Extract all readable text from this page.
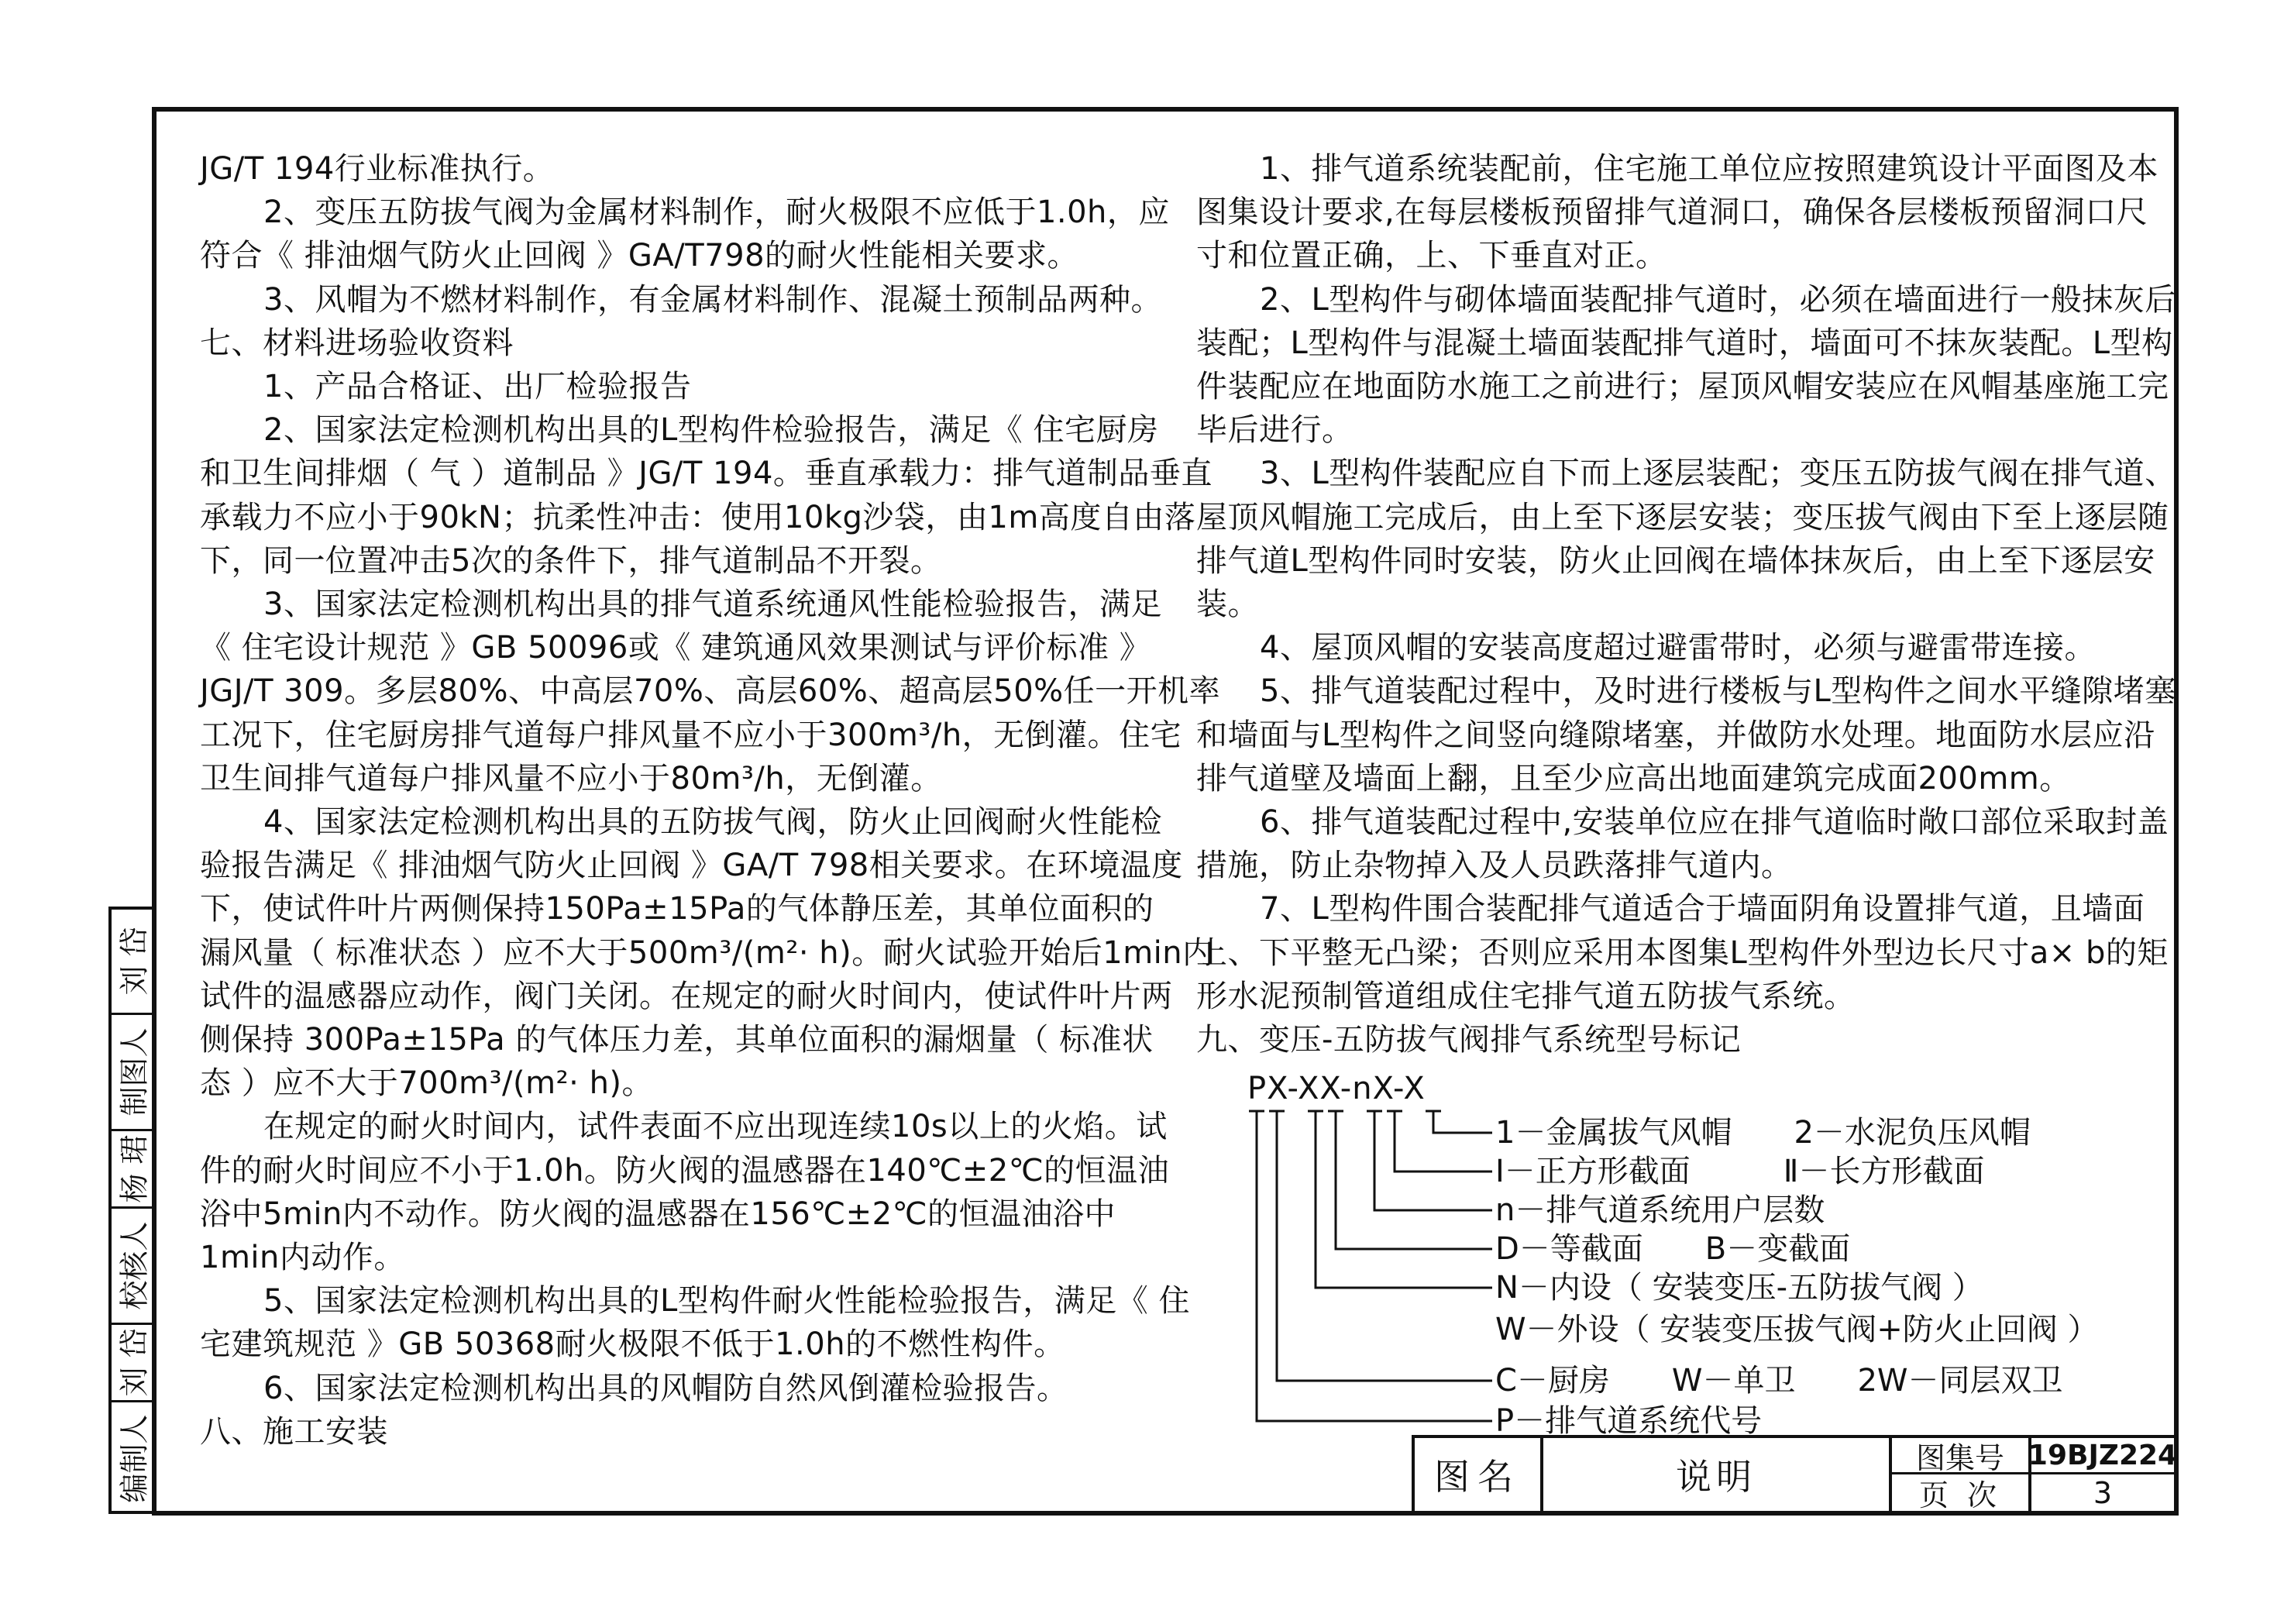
JG/T 194行业标准执行。

2、变压五防拔气阀为金属材料制作，耐火极限不应低于1.0h，应

符合《 排油烟气防火止回阀 》GA/T798的耐火性能相关要求。

3、风帽为不燃材料制作，有金属材料制作、混凝土预制品两种。

七、材料进场验收资料

1、产品合格证、出厂检验报告

2、国家法定检测机构出具的L型构件检验报告，满足《 住宅厨房

和卫生间排烟（ 气 ）道制品 》JG/T 194。垂直承载力：排气道制品垂直

承载力不应小于90kN；抗柔性冲击：使用10kg沙袋，由1m高度自由落

下，同一位置冲击5次的条件下，排气道制品不开裂。

3、国家法定检测机构出具的排气道系统通风性能检验报告，满足

《 住宅设计规范 》GB 50096或《 建筑通风效果测试与评价标准 》

JGJ/T 309。多层80%、中高层70%、高层60%、超高层50%任一开机率

工况下，住宅厨房排气道每户排风量不应小于300m³/h，无倒灌。住宅

卫生间排气道每户排风量不应小于80m³/h，无倒灌。

4、国家法定检测机构出具的五防拔气阀，防火止回阀耐火性能检

验报告满足《 排油烟气防火止回阀 》GA/T 798相关要求。在环境温度

下，使试件叶片两侧保持150Pa±15Pa的气体静压差，其单位面积的

漏风量（ 标准状态 ）应不大于500m³/(m²· h)。耐火试验开始后1min内

试件的温感器应动作，阀门关闭。在规定的耐火时间内，使试件叶片两

侧保持 300Pa±15Pa 的气体压力差，其单位面积的漏烟量（ 标准状

态 ）应不大于700m³/(m²· h)。

在规定的耐火时间内，试件表面不应出现连续10s以上的火焰。试

件的耐火时间应不小于1.0h。防火阀的温感器在140℃±2℃的恒温油

浴中5min内不动作。防火阀的温感器在156℃±2℃的恒温油浴中

1min内动作。

5、国家法定检测机构出具的L型构件耐火性能检验报告，满足《 住

宅建筑规范 》GB 50368耐火极限不低于1.0h的不燃性构件。

6、国家法定检测机构出具的风帽防自然风倒灌检验报告。

八、施工安装

1、排气道系统装配前，住宅施工单位应按照建筑设计平面图及本

图集设计要求,在每层楼板预留排气道洞口，确保各层楼板预留洞口尺

寸和位置正确，上、下垂直对正。

2、L型构件与砌体墙面装配排气道时，必须在墙面进行一般抹灰后

装配；L型构件与混凝土墙面装配排气道时，墙面可不抹灰装配。L型构

件装配应在地面防水施工之前进行；屋顶风帽安装应在风帽基座施工完

毕后进行。

3、L型构件装配应自下而上逐层装配；变压五防拔气阀在排气道、

屋顶风帽施工完成后，由上至下逐层安装；变压拔气阀由下至上逐层随

排气道L型构件同时安装，防火止回阀在墙体抹灰后，由上至下逐层安

装。

4、屋顶风帽的安装高度超过避雷带时，必须与避雷带连接。

5、排气道装配过程中，及时进行楼板与L型构件之间水平缝隙堵塞

和墙面与L型构件之间竖向缝隙堵塞，并做防水处理。地面防水层应沿

排气道壁及墙面上翻，且至少应高出地面建筑完成面200mm。

6、排气道装配过程中,安装单位应在排气道临时敞口部位采取封盖

措施，防止杂物掉入及人员跌落排气道内。

7、L型构件围合装配排气道适合于墙面阴角设置排气道，且墙面

上、下平整无凸梁；否则应采用本图集L型构件外型边长尺寸a× b的矩

形水泥预制管道组成住宅排气道五防拔气系统。

九、变压-五防拔气阀排气系统型号标记

刘 岱
制图人
杨 珺
校核人
刘 岱
编制人
PX-XX-nX-X
1－金属拔气风帽　　2－水泥负压风帽
Ⅰ－正方形截面　　　Ⅱ－长方形截面
n－排气道系统用户层数
D－等截面　　B－变截面
N－内设（ 安装变压-五防拔气阀 ）
W－外设（ 安装变压拔气阀+防火止回阀 ）
C－厨房　　W－单卫　　2W－同层双卫
P－排气道系统代号
图名	说明	图集号 19BJZ224
页 次	3
